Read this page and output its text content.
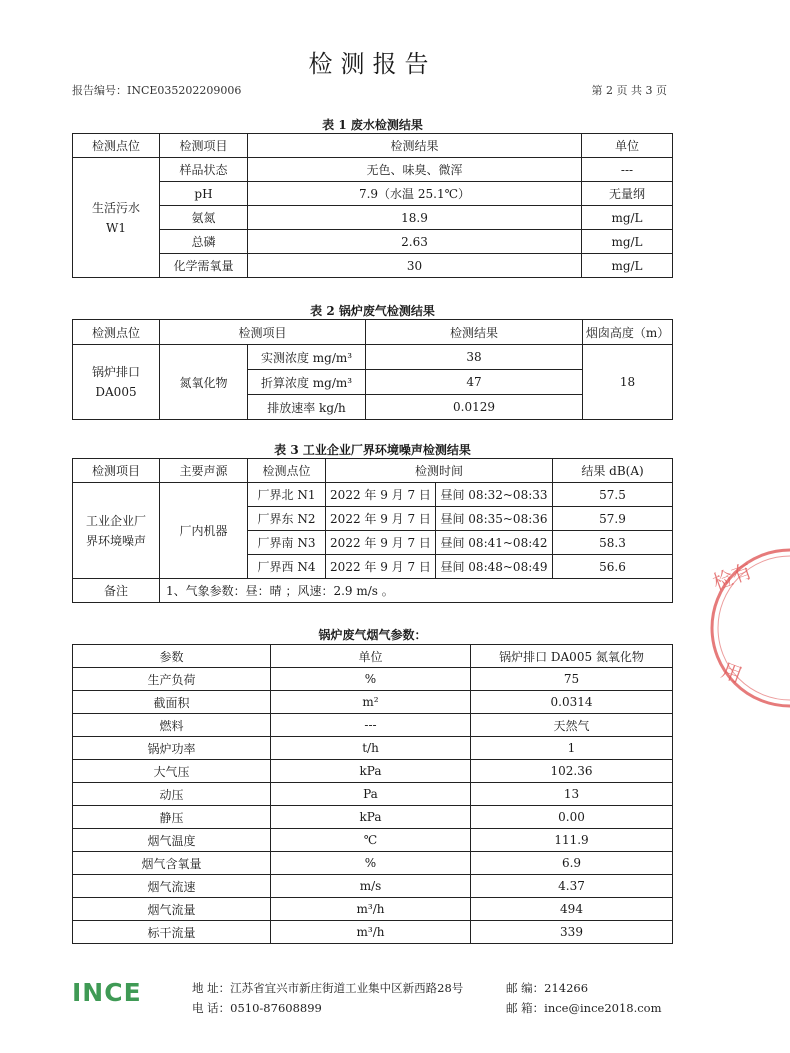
检测报告
报告编号：INCE035202209006	第 2 页 共 3 页
表 1 废水检测结果
检测点位	检测项目	检测结果	单位
生活污水
W1	样品状态	无色、味臭、微浑	---
	pH	7.9（水温 25.1℃）	无量纲
	氨氮	18.9	mg/L
	总磷	2.63	mg/L
	化学需氧量	30	mg/L
表 2 锅炉废气检测结果
检测点位	检测项目		检测结果	烟囱高度（m）
锅炉排口
DA005	氮氧化物	实测浓度 mg/m³	38	18
		折算浓度 mg/m³	47	
		排放速率 kg/h	0.0129	
表 3 工业企业厂界环境噪声检测结果
检测项目	主要声源	检测点位	检测时间		结果 dB(A)
工业企业厂
界环境噪声	厂内机器	厂界北 N1	2022 年 9 月 7 日	昼间 08:32~08:33	57.5
		厂界东 N2	2022 年 9 月 7 日	昼间 08:35~08:36	57.9
		厂界南 N3	2022 年 9 月 7 日	昼间 08:41~08:42	58.3
		厂界西 N4	2022 年 9 月 7 日	昼间 08:48~08:49	56.6
备注	1、气象参数：昼：晴 ；风速：2.9 m/s 。				
锅炉废气烟气参数：
参数	单位	锅炉排口 DA005 氮氧化物
生产负荷	%	75
截面积	m²	0.0314
燃料	---	天然气
锅炉功率	t/h	1
大气压	kPa	102.36
动压	Pa	13
静压	kPa	0.00
烟气温度	℃	111.9
烟气含氧量	%	6.9
烟气流速	m/s	4.37
烟气流量	m³/h	494
标干流量	m³/h	339
检有
用
INCE	地 址：江苏省宜兴市新庄街道工业集中区新西路28号	邮 编：214266
电 话：0510-87608899	邮 箱：ince@ince2018.com
